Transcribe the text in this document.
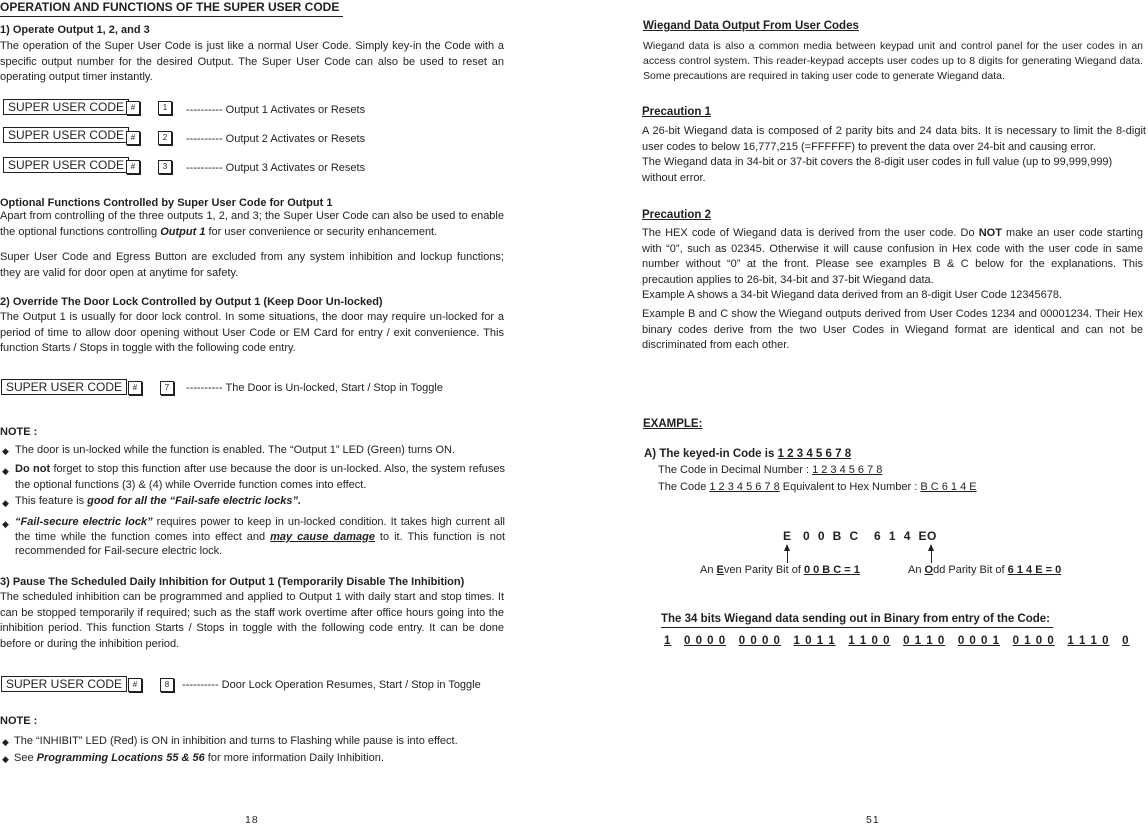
OPERATION AND FUNCTIONS OF THE SUPER USER CODE
1) Operate Output 1, 2, and 3

The operation of the Super User Code is just like a normal User Code. Simply key-in the Code with a specific output number for the desired Output. The Super User Code can also be used to reset an operating output timer instantly.

SUPER USER CODE #	1	---------- Output 1 Activates or Resets
SUPER USER CODE #	2	---------- Output 2 Activates or Resets
SUPER USER CODE #	3	---------- Output 3 Activates or Resets
Optional Functions Controlled by Super User Code for Output 1

Apart from controlling of the three outputs 1, 2, and 3; the Super User Code can also be used to enable the optional functions controlling Output 1 for user convenience or security enhancement.

Super User Code and Egress Button are excluded from any system inhibition and lockup functions; they are valid for door open at anytime for safety.

2) Override The Door Lock Controlled by Output 1 (Keep Door Un-locked)

The Output 1 is usually for door lock control. In some situations, the door may require un-locked for a period of time to allow door opening without User Code or EM Card for entry / exit convenience. This function Starts / Stops in toggle with the following code entry.

SUPER USER CODE	#	7	---------- The Door is Un-locked, Start / Stop in Toggle
NOTE :
◆ The door is un-locked while the function is enabled. The “Output 1” LED (Green) turns ON.

◆ Do not forget to stop this function after use because the door is un-locked. Also, the system refuses the optional functions (3) & (4) while Override function comes into effect.

◆ This feature is good for all the “Fail-safe electric locks”.

◆ “Fail-secure electric lock” requires power to keep in un-locked condition. It takes high current all the time while the function comes into effect and may cause damage to it. This function is not recommended for Fail-secure electric lock.

3) Pause The Scheduled Daily Inhibition for Output 1 (Temporarily Disable The Inhibition)

The scheduled inhibition can be programmed and applied to Output 1 with daily start and stop times. It can be stopped temporarily if required; such as the staff work overtime after office hours going into the inhibition period. This function Starts / Stops in toggle with the following code entry. It can be done before or during the inhibition period.

SUPER USER CODE	#	8	---------- Door Lock Operation Resumes, Start / Stop in Toggle
NOTE :
◆ The “INHIBIT” LED (Red) is ON in inhibition and turns to Flashing while pause is into effect.

◆ See Programming Locations 55 & 56 for more information Daily Inhibition.

18
Wiegand Data Output From User Codes

Wiegand data is also a common media between keypad unit and control panel for the user codes in an access control system. This reader-keypad accepts user codes up to 8 digits for generating Wiegand data. Some precautions are required in taking user code to generate Wiegand data.

Precaution 1

A 26-bit Wiegand data is composed of 2 parity bits and 24 data bits. It is necessary to limit the 8-digit user codes to below 16,777,215 (=FFFFFF) to prevent the data over 24-bit and causing error.

The Wiegand data in 34-bit or 37-bit covers the 8-digit user codes in full value (up to 99,999,999) without error.

Precaution 2

The HEX code of Wiegand data is derived from the user code. Do NOT make an user code starting with “0”, such as 02345. Otherwise it will cause confusion in Hex code with the user code in same number without “0” at the front. Please see examples B & C below for the explanations. This precaution applies to 26-bit, 34-bit and 37-bit Wiegand data.

Example A shows a 34-bit Wiegand data derived from an 8-digit User Code 12345678.

Example B and C show the Wiegand outputs derived from User Codes 1234 and 00001234. Their Hex binary codes derive from the two User Codes in Wiegand format are identical and can not be discriminated from each other.

EXAMPLE:
A) The keyed-in Code is 1 2 3 4 5 6 7 8
The Code in Decimal Number : 1 2 3 4 5 6 7 8
The Code 1 2 3 4 5 6 7 8 Equivalent to Hex Number : B C 6 1 4 E
E 0  0  B  C    6  1  4  E O
An Even Parity Bit of 0 0 B C = 1	An Odd Parity Bit of 6 1 4 E = 0
The 34 bits Wiegand data sending out in Binary from entry of the Code:
1 0 0 0 0 0 0 0 0 1 0 1 1 1 1 0 0 0 1 1 0 0 0 0 1 0 1 0 0 1 1 1 0 0
51
